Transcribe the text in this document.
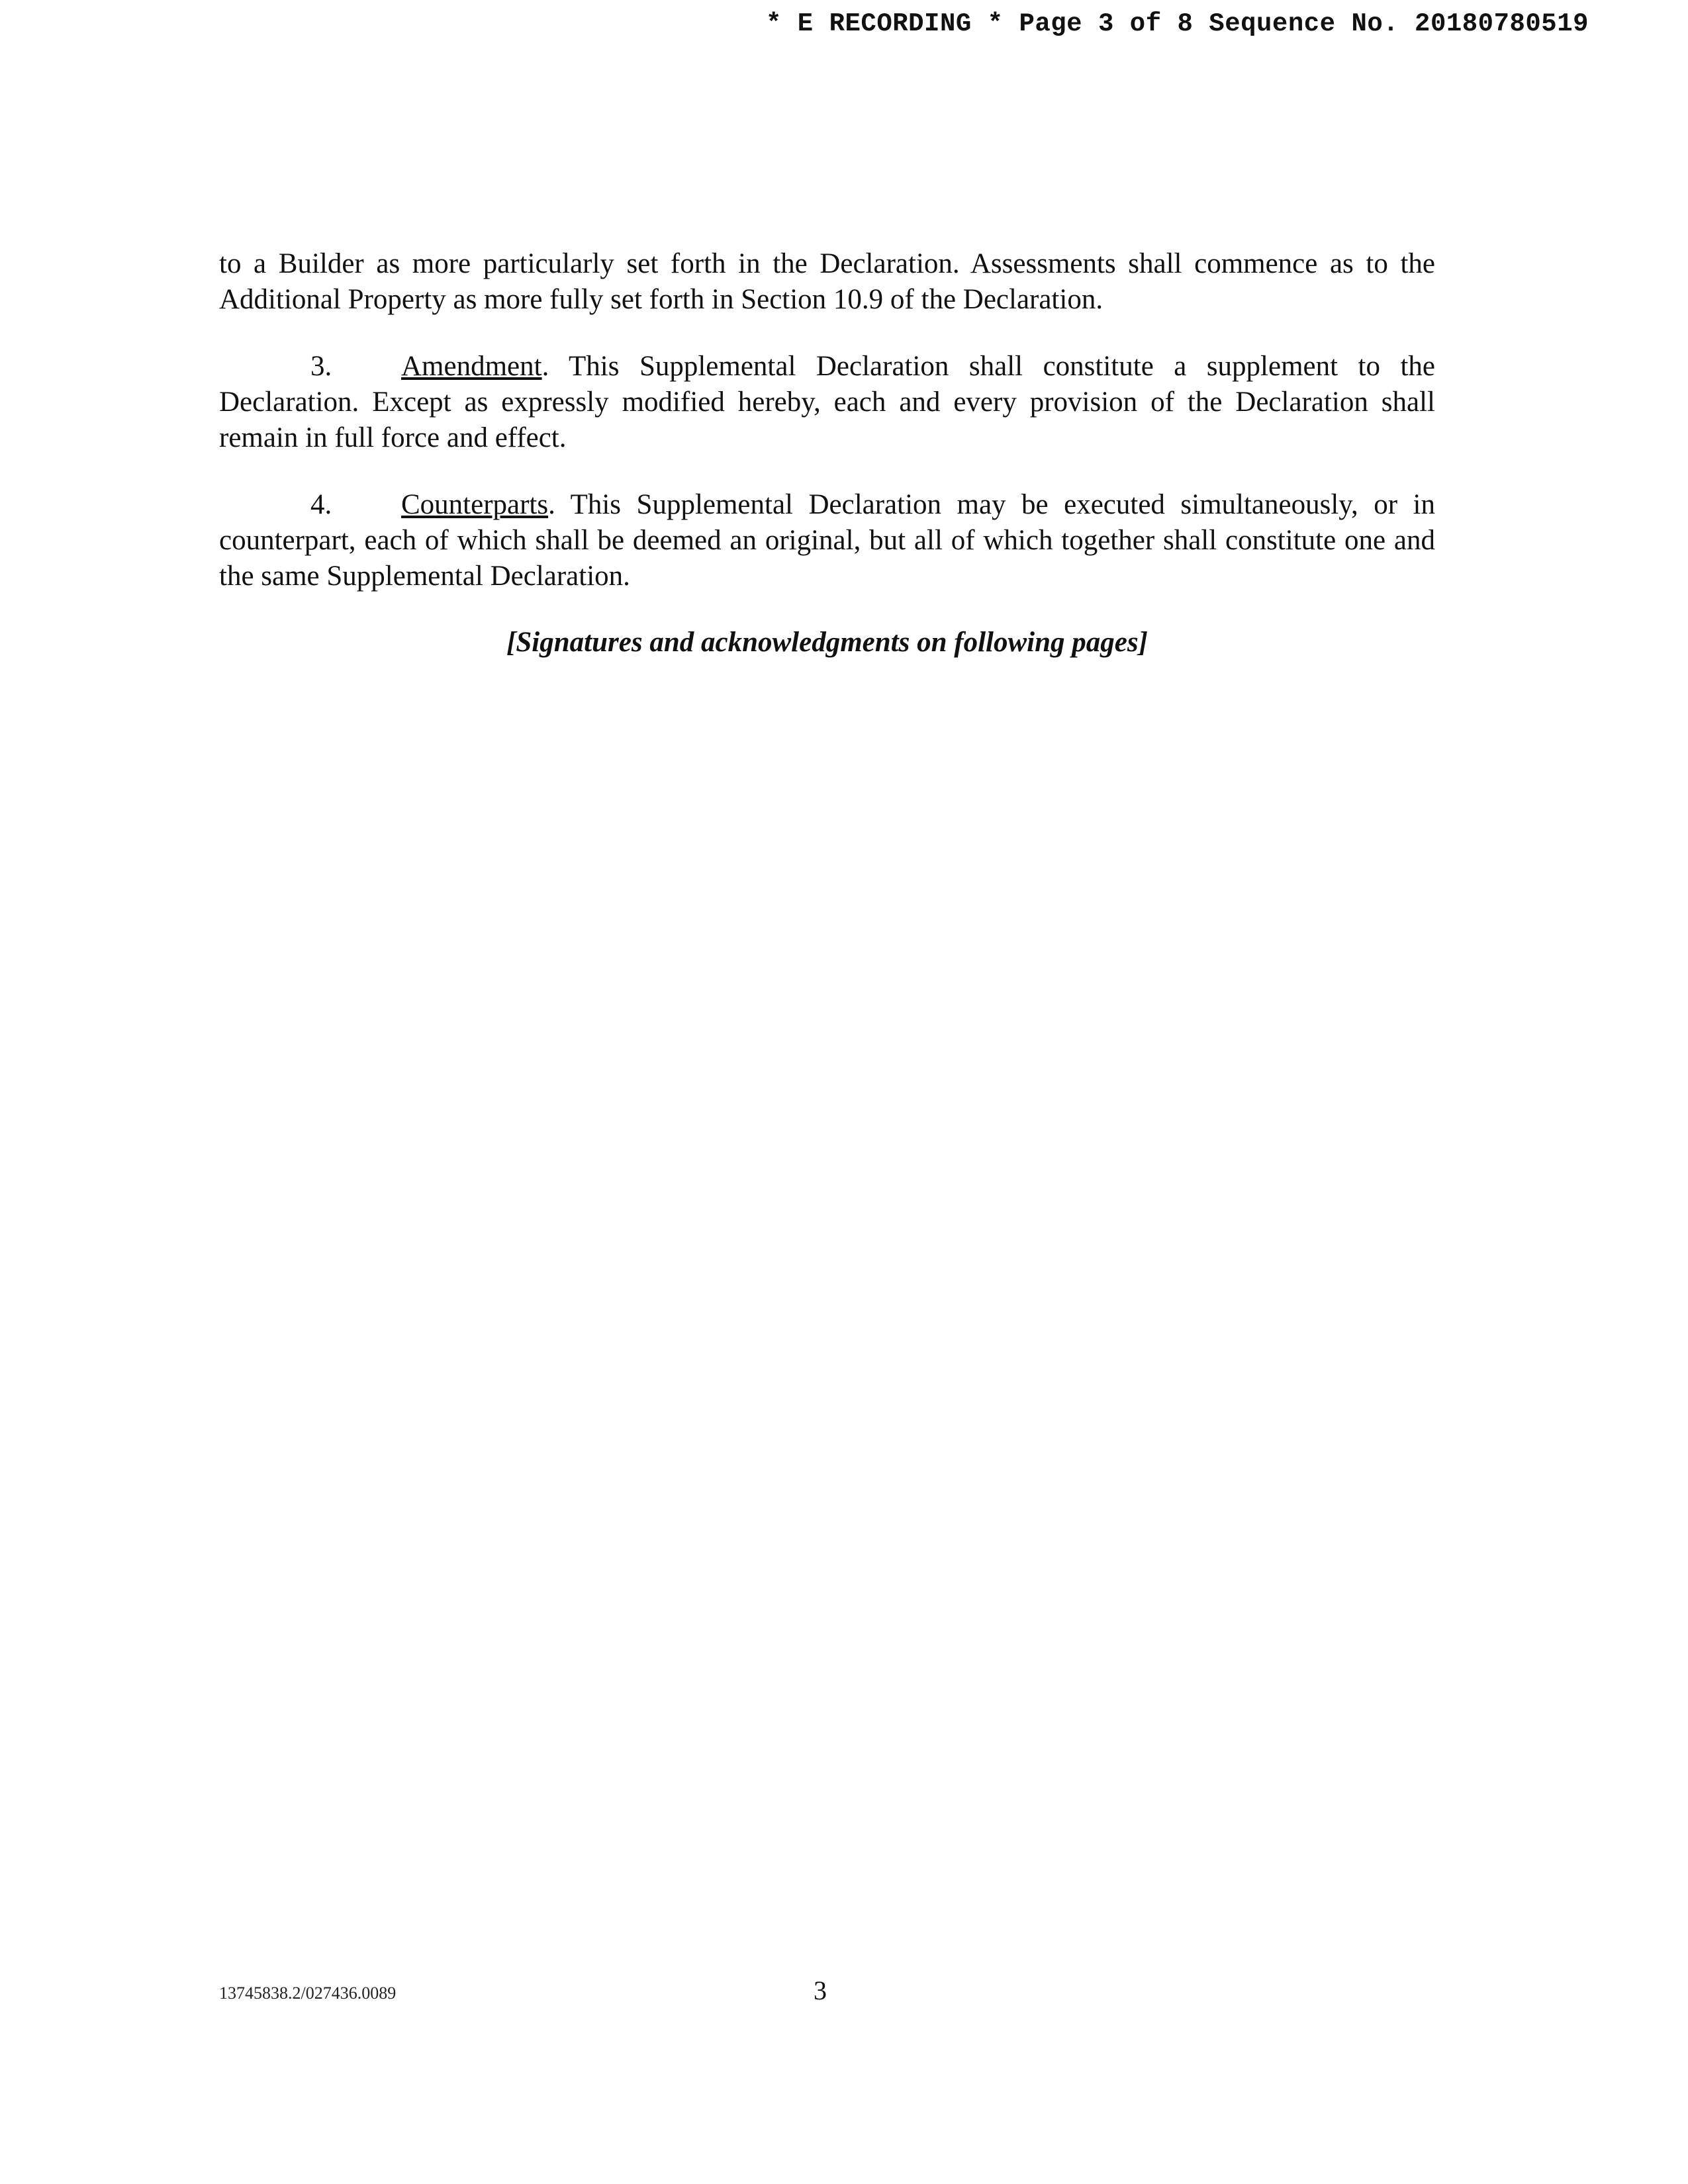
* E RECORDING * Page 3 of 8 Sequence No. 20180780519
to a Builder as more particularly set forth in the Declaration. Assessments shall commence as to the Additional Property as more fully set forth in Section 10.9 of the Declaration.
3. Amendment. This Supplemental Declaration shall constitute a supplement to the Declaration. Except as expressly modified hereby, each and every provision of the Declaration shall remain in full force and effect.
4. Counterparts. This Supplemental Declaration may be executed simultaneously, or in counterpart, each of which shall be deemed an original, but all of which together shall constitute one and the same Supplemental Declaration.
[Signatures and acknowledgments on following pages]
13745838.2/027436.0089	3
